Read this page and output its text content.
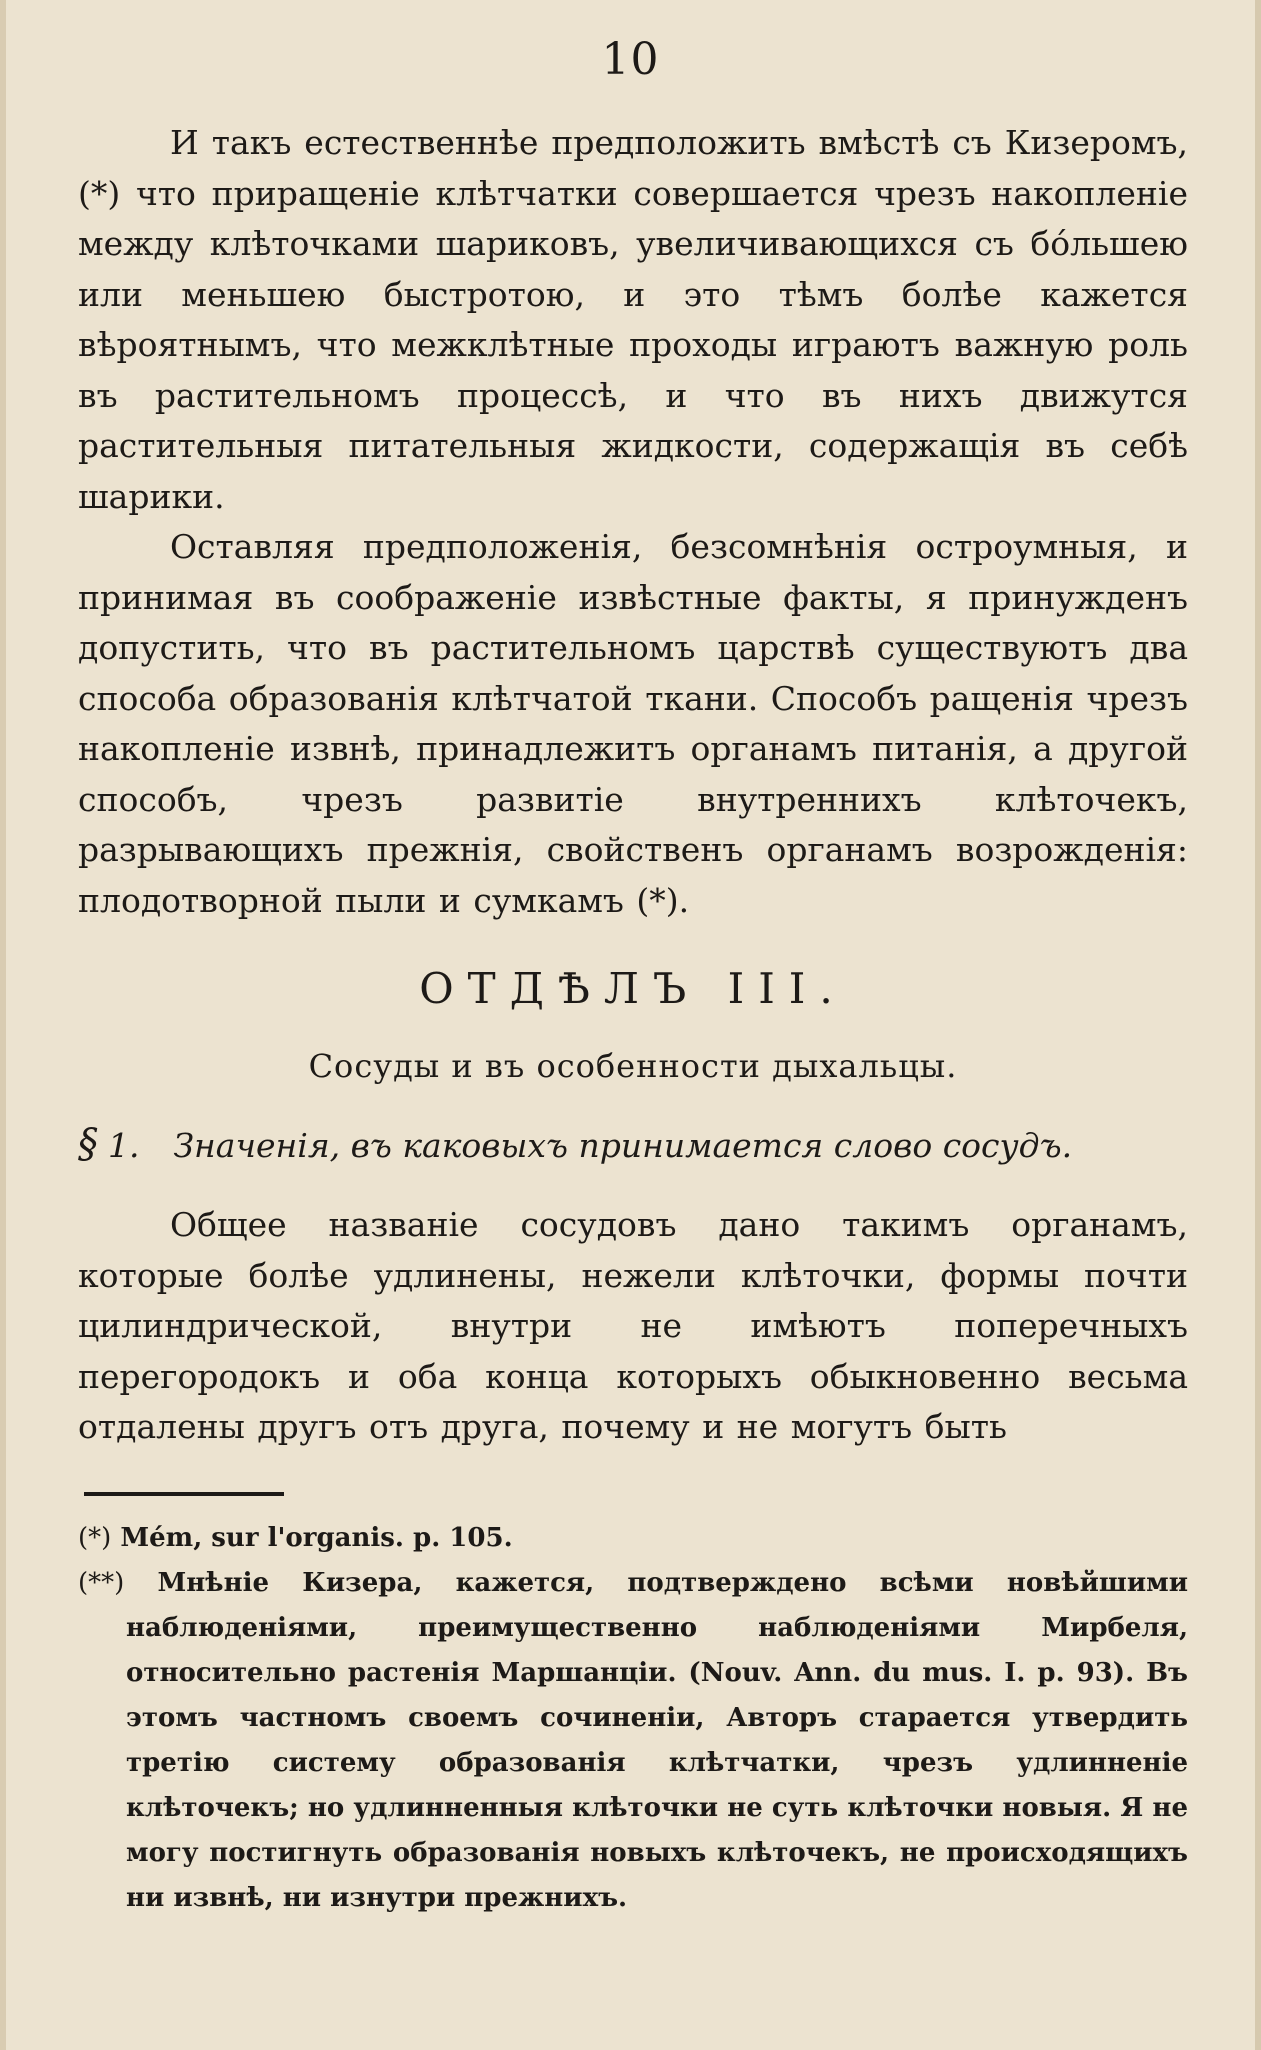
10

И такъ естественнѣе предположить вмѣстѣ съ Кизеромъ, (*) что приращеніе клѣтчатки совершается чрезъ накопленіе между клѣточками шариковъ, увеличивающихся съ бо́льшею или меньшею быстротою, и это тѣмъ болѣе кажется вѣроятнымъ, что межклѣтные проходы играютъ важную роль въ растительномъ процессѣ, и что въ нихъ движутся растительныя питательныя жидкости, содержащія въ себѣ шарики.

Оставляя предположенія, безсомнѣнія остроумныя, и принимая въ соображеніе извѣстные факты, я принужденъ допустить, что въ растительномъ царствѣ существуютъ два способа образованія клѣтчатой ткани. Способъ ращенія чрезъ накопленіе извнѣ, принадлежитъ органамъ питанія, а другой способъ, чрезъ развитіе внутреннихъ клѣточекъ, разрывающихъ прежнія, свойственъ органамъ возрожденія: плодотворной пыли и сумкамъ (*).

ОТДѢЛЪ III.
Сосуды и въ особенности дыхальцы.
§ 1. Значенія, въ каковыхъ принимается слово сосудъ.

Общее названіе сосудовъ дано такимъ органамъ, которые болѣе удлинены, нежели клѣточки, формы почти цилиндрической, внутри не имѣютъ поперечныхъ перегородокъ и оба конца которыхъ обыкновенно весьма отдалены другъ отъ друга, почему и не могутъ быть

(*) Mém, sur l'organis. p. 105.

(**) Мнѣніе Кизера, кажется, подтверждено всѣми новѣйшими наблюденіями, преимущественно наблюденіями Мирбеля, относительно растенія Маршанціи. (Nouv. Ann. du mus. I. p. 93). Въ этомъ частномъ своемъ сочиненіи, Авторъ старается утвердить третію систему образованія клѣтчатки, чрезъ удлинненіе клѣточекъ; но удлинненныя клѣточки не суть клѣточки новыя. Я не могу постигнуть образованія новыхъ клѣточекъ, не происходящихъ ни извнѣ, ни изнутри прежнихъ.
